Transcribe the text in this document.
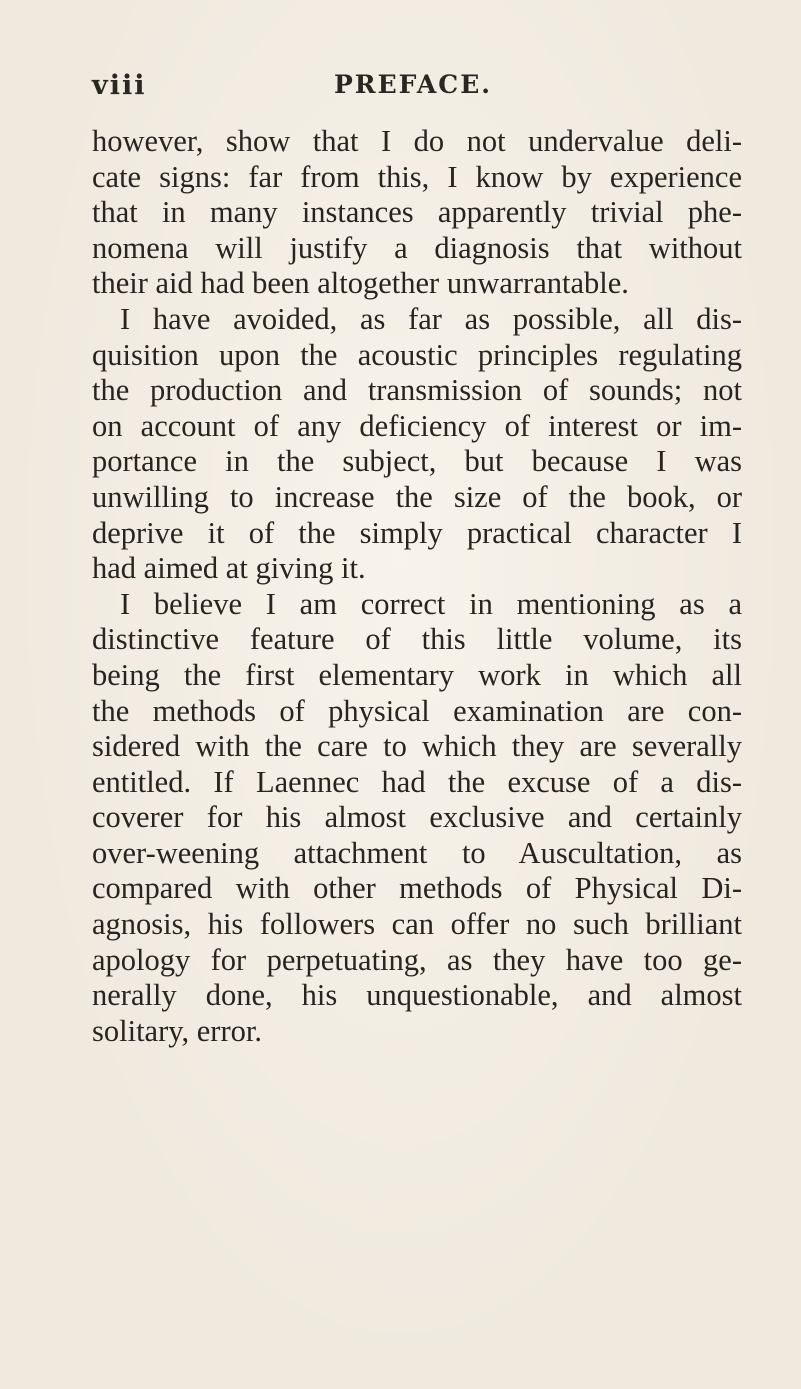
viii	PREFACE.
however, show that I do not undervalue deli-
cate signs: far from this, I know by experience
that in many instances apparently trivial phe-
nomena will justify a diagnosis that without
their aid had been altogether unwarrantable.
I have avoided, as far as possible, all dis-
quisition upon the acoustic principles regulating
the production and transmission of sounds; not
on account of any deficiency of interest or im-
portance in the subject, but because I was
unwilling to increase the size of the book, or
deprive it of the simply practical character I
had aimed at giving it.
I believe I am correct in mentioning as a
distinctive feature of this little volume, its
being the first elementary work in which all
the methods of physical examination are con-
sidered with the care to which they are severally
entitled. If Laennec had the excuse of a dis-
coverer for his almost exclusive and certainly
over-weening attachment to Auscultation, as
compared with other methods of Physical Di-
agnosis, his followers can offer no such brilliant
apology for perpetuating, as they have too ge-
nerally done, his unquestionable, and almost
solitary, error.
